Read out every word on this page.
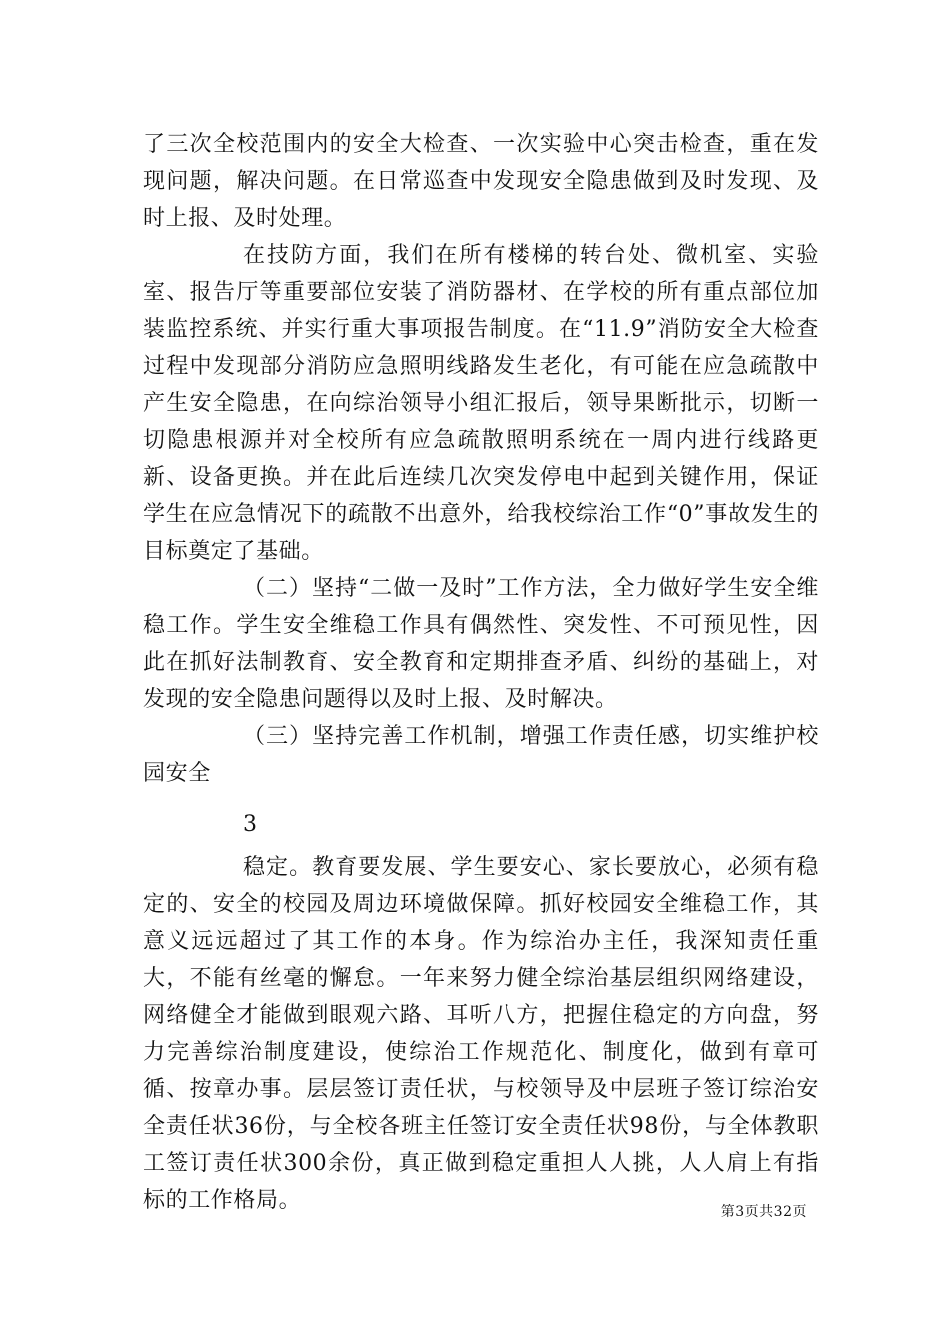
了三次全校范围内的安全大检查、一次实验中心突击检查，重在发现问题，解决问题。在日常巡查中发现安全隐患做到及时发现、及时上报、及时处理。

在技防方面，我们在所有楼梯的转台处、微机室、实验室、报告厅等重要部位安装了消防器材、在学校的所有重点部位加装监控系统、并实行重大事项报告制度。在“11.9”消防安全大检查过程中发现部分消防应急照明线路发生老化，有可能在应急疏散中产生安全隐患，在向综治领导小组汇报后，领导果断批示，切断一切隐患根源并对全校所有应急疏散照明系统在一周内进行线路更新、设备更换。并在此后连续几次突发停电中起到关键作用，保证学生在应急情况下的疏散不出意外，给我校综治工作“0”事故发生的目标奠定了基础。

（二）坚持“二做一及时”工作方法，全力做好学生安全维稳工作。学生安全维稳工作具有偶然性、突发性、不可预见性，因此在抓好法制教育、安全教育和定期排查矛盾、纠纷的基础上，对发现的安全隐患问题得以及时上报、及时解决。

（三）坚持完善工作机制，增强工作责任感，切实维护校园安全

3

稳定。教育要发展、学生要安心、家长要放心，必须有稳定的、安全的校园及周边环境做保障。抓好校园安全维稳工作，其意义远远超过了其工作的本身。作为综治办主任，我深知责任重大，不能有丝毫的懈怠。一年来努力健全综治基层组织网络建设，网络健全才能做到眼观六路、耳听八方，把握住稳定的方向盘，努力完善综治制度建设，使综治工作规范化、制度化，做到有章可循、按章办事。层层签订责任状，与校领导及中层班子签订综治安全责任状36份，与全校各班主任签订安全责任状98份，与全体教职工签订责任状300余份，真正做到稳定重担人人挑，人人肩上有指标的工作格局。	第3页共32页
